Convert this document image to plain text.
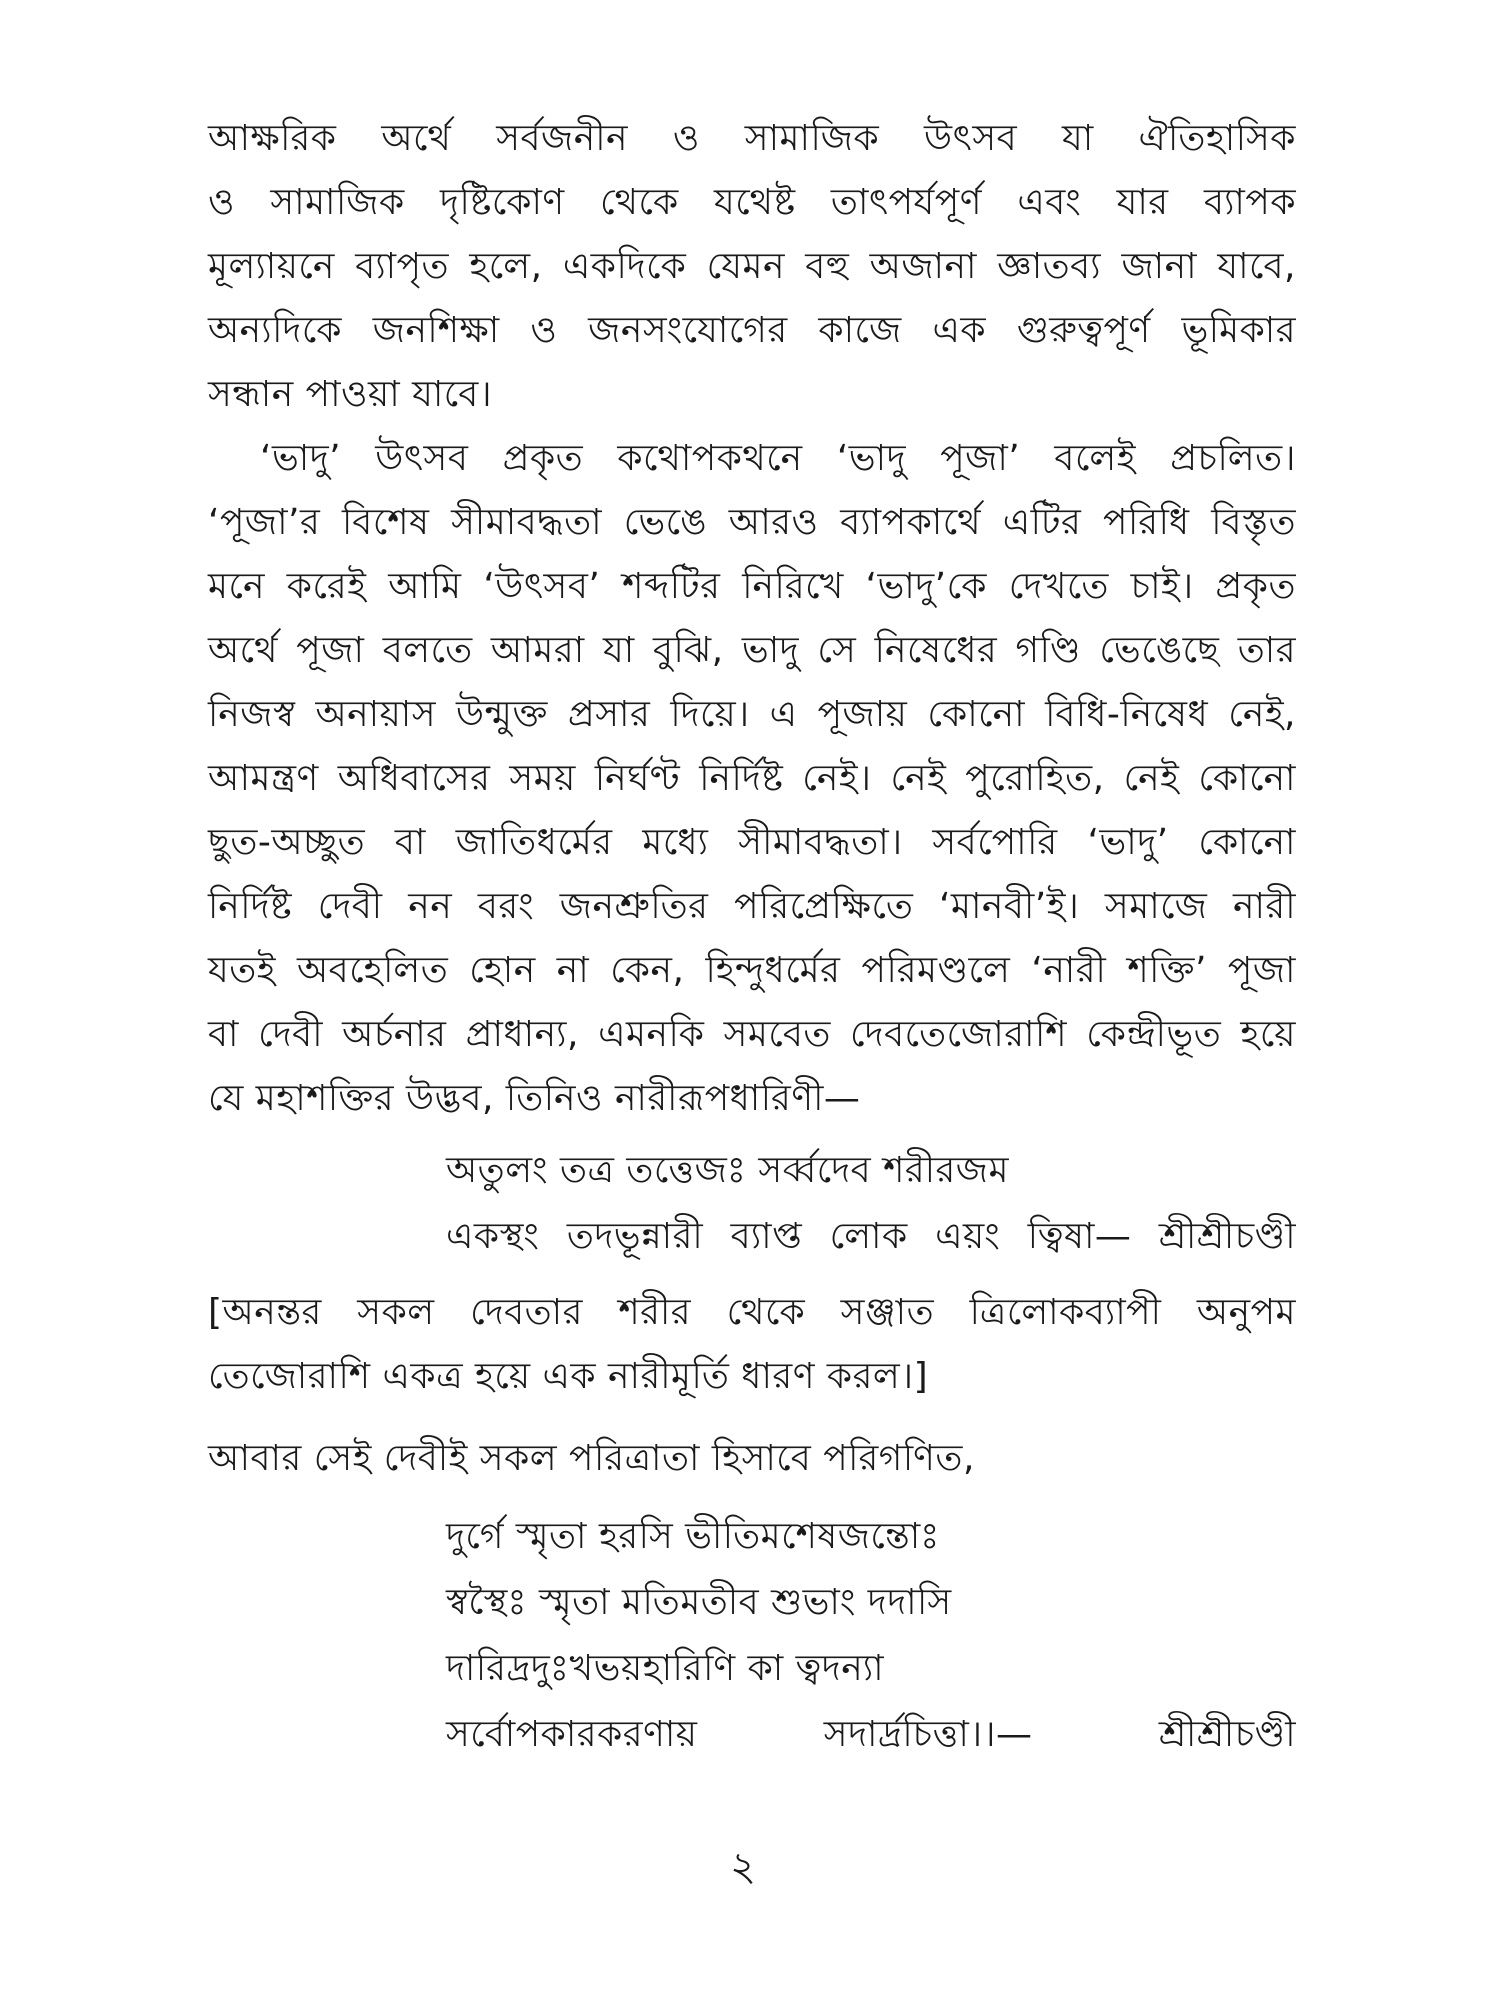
আক্ষরিক অর্থে সর্বজনীন ও সামাজিক উৎসব যা ঐতিহাসিক
ও সামাজিক দৃষ্টিকোণ থেকে যথেষ্ট তাৎপর্যপূর্ণ এবং যার ব্যাপক
মূল্যায়নে ব্যাপৃত হলে, একদিকে যেমন বহু অজানা জ্ঞাতব্য জানা যাবে,
অন্যদিকে জনশিক্ষা ও জনসংযোগের কাজে এক গুরুত্বপূর্ণ ভূমিকার
সন্ধান পাওয়া যাবে।
‘ভাদু’ উৎসব প্রকৃত কথোপকথনে ‘ভাদু পূজা’ বলেই প্রচলিত।
‘পূজা’র বিশেষ সীমাবদ্ধতা ভেঙে আরও ব্যাপকার্থে এটির পরিধি বিস্তৃত
মনে করেই আমি ‘উৎসব’ শব্দটির নিরিখে ‘ভাদু’কে দেখতে চাই। প্রকৃত
অর্থে পূজা বলতে আমরা যা বুঝি, ভাদু সে নিষেধের গণ্ডি ভেঙেছে তার
নিজস্ব অনায়াস উন্মুক্ত প্রসার দিয়ে। এ পূজায় কোনো বিধি-নিষেধ নেই,
আমন্ত্রণ অধিবাসের সময় নির্ঘণ্ট নির্দিষ্ট নেই। নেই পুরোহিত, নেই কোনো
ছুত-অচ্ছুত বা জাতিধর্মের মধ্যে সীমাবদ্ধতা। সর্বপোরি ‘ভাদু’ কোনো
নির্দিষ্ট দেবী নন বরং জনশ্রুতির পরিপ্রেক্ষিতে ‘মানবী’ই। সমাজে নারী
যতই অবহেলিত হোন না কেন, হিন্দুধর্মের পরিমণ্ডলে ‘নারী শক্তি’ পূজা
বা দেবী অর্চনার প্রাধান্য, এমনকি সমবেত দেবতেজোরাশি কেন্দ্রীভূত হয়ে
যে মহাশক্তির উদ্ভব, তিনিও নারীরূপধারিণী—
অতুলং তত্র তত্তেজঃ সর্ব্বদেব শরীরজম
একস্থং তদভূন্নারী ব্যাপ্ত লোক এয়ং ত্বিষা— শ্রীশ্রীচণ্ডী
[অনন্তর সকল দেবতার শরীর থেকে সঞ্জাত ত্রিলোকব্যাপী অনুপম
তেজোরাশি একত্র হয়ে এক নারীমূর্তি ধারণ করল।]
আবার সেই দেবীই সকল পরিত্রাতা হিসাবে পরিগণিত,
দুর্গে স্মৃতা হরসি ভীতিমশেষজন্তোঃ
স্বস্থৈঃ স্মৃতা মতিমতীব শুভাং দদাসি
দারিদ্রদুঃখভয়হারিণি কা ত্বদন্যা
সর্বোপকারকরণায় সদার্দ্রচিত্তা।।— শ্রীশ্রীচণ্ডী
২
